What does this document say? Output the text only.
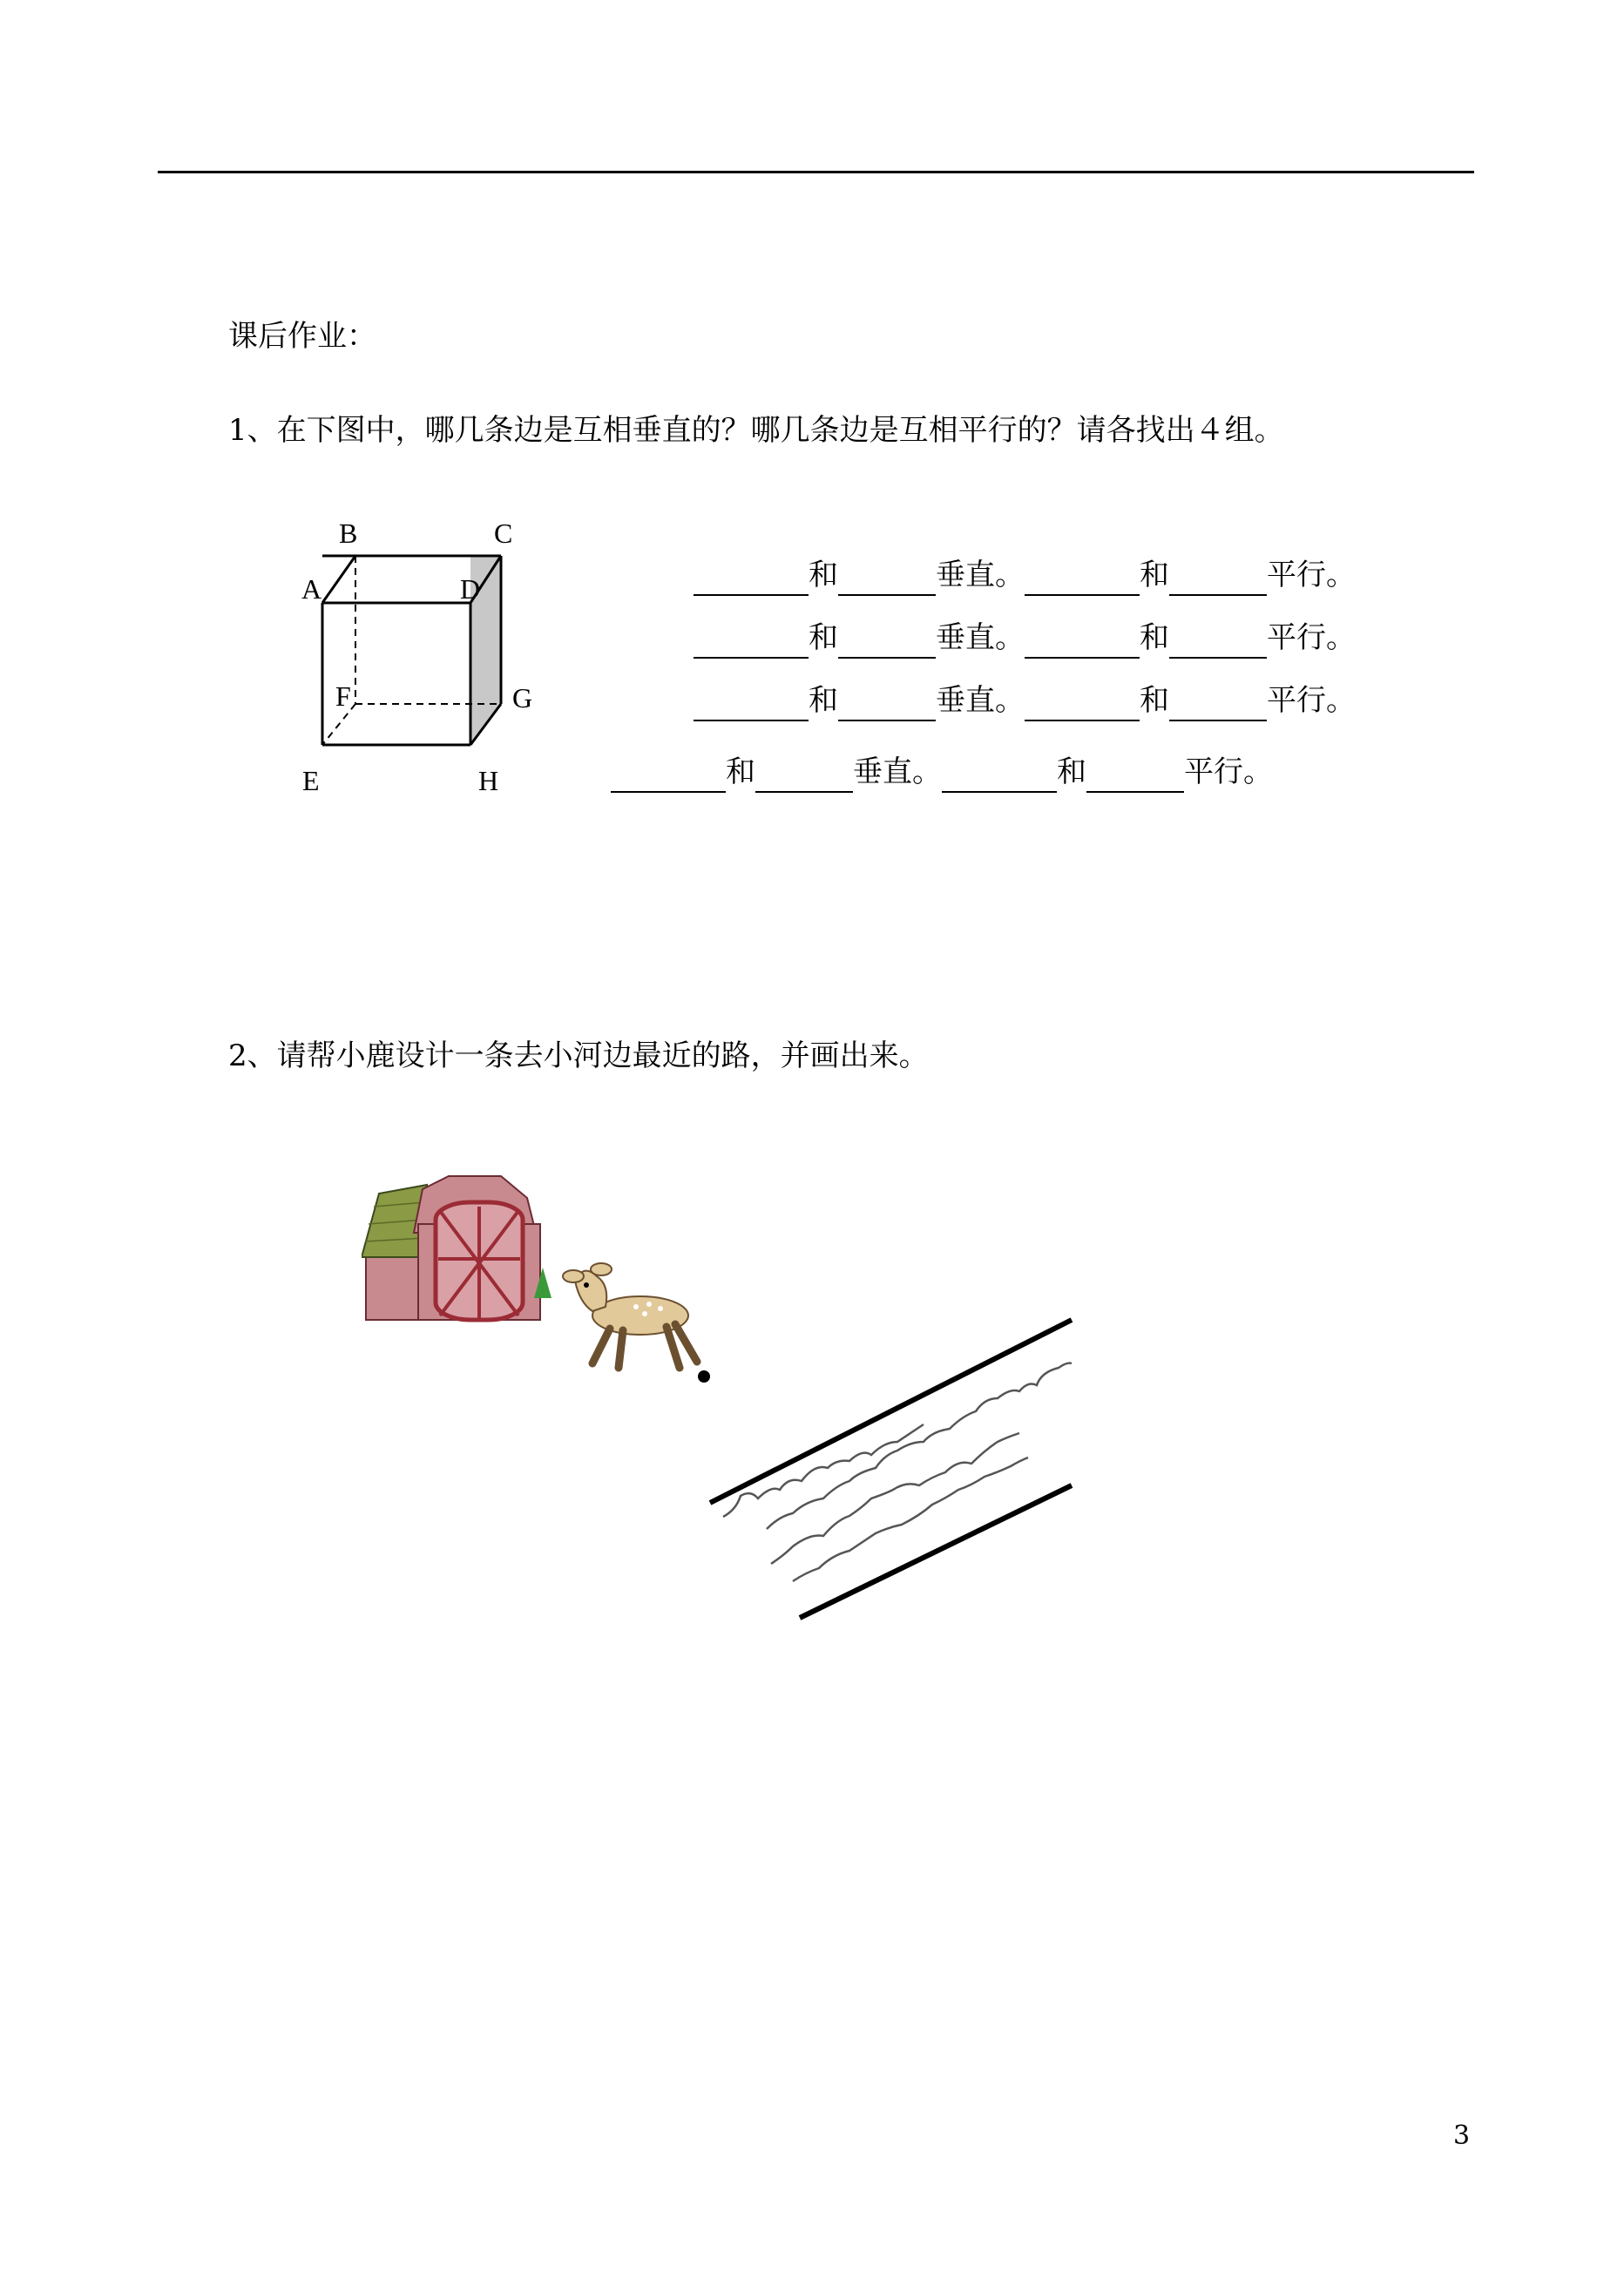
课后作业：
1、在下图中，哪几条边是互相垂直的？哪几条边是互相平行的？请各找出４组。
B	C
A	D
F	G
E	H
和	垂直。	和	平行。
和	垂直。	和	平行。
和	垂直。	和	平行。
和	垂直。	和	平行。
2、请帮小鹿设计一条去小河边最近的路，并画出来。
3
